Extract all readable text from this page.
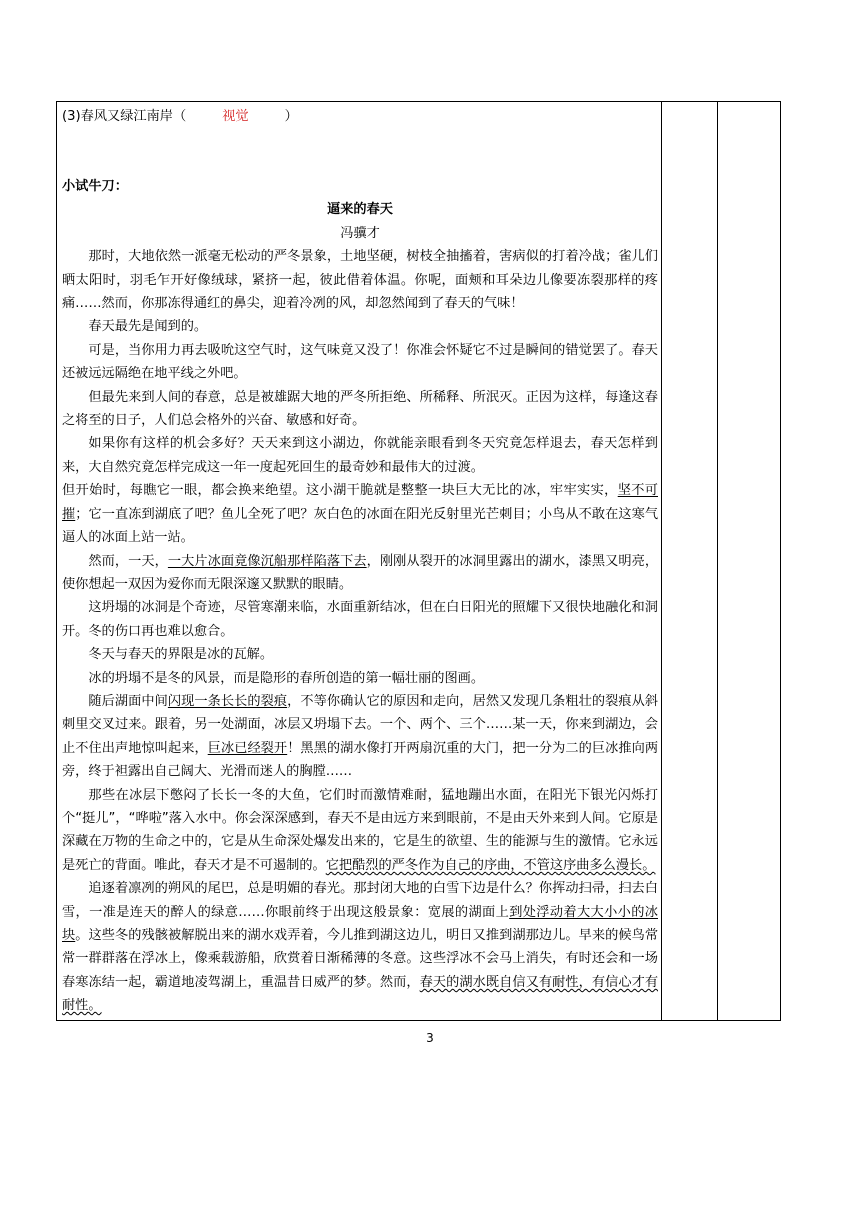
(3)春风又绿江南岸（	视觉	）
小试牛刀：
逼来的春天
冯骥才

那时，大地依然一派毫无松动的严冬景象，土地坚硬，树枝全抽搐着，害病似的打着冷战；雀儿们晒太阳时，羽毛乍开好像绒球，紧挤一起，彼此借着体温。你呢，面颊和耳朵边儿像要冻裂那样的疼痛……然而，你那冻得通红的鼻尖，迎着冷冽的风，却忽然闻到了春天的气味！

春天最先是闻到的。

可是，当你用力再去吸吮这空气时，这气味竟又没了！你准会怀疑它不过是瞬间的错觉罢了。春天还被远远隔绝在地平线之外吧。

但最先来到人间的春意，总是被雄踞大地的严冬所拒绝、所稀释、所泯灭。正因为这样，每逢这春之将至的日子，人们总会格外的兴奋、敏感和好奇。

如果你有这样的机会多好？天天来到这小湖边，你就能亲眼看到冬天究竟怎样退去，春天怎样到来，大自然究竟怎样完成这一年一度起死回生的最奇妙和最伟大的过渡。

但开始时，每瞧它一眼，都会换来绝望。这小湖干脆就是整整一块巨大无比的冰，牢牢实实，坚不可摧；它一直冻到湖底了吧？鱼儿全死了吧？灰白色的冰面在阳光反射里光芒刺目；小鸟从不敢在这寒气逼人的冰面上站一站。

然而，一天，一大片冰面竟像沉船那样陷落下去，刚刚从裂开的冰洞里露出的湖水，漆黑又明亮，使你想起一双因为爱你而无限深邃又默默的眼睛。

这坍塌的冰洞是个奇迹，尽管寒潮来临，水面重新结冰，但在白日阳光的照耀下又很快地融化和洞开。冬的伤口再也难以愈合。

冬天与春天的界限是冰的瓦解。

冰的坍塌不是冬的风景，而是隐形的春所创造的第一幅壮丽的图画。

随后湖面中间闪现一条长长的裂痕，不等你确认它的原因和走向，居然又发现几条粗壮的裂痕从斜刺里交叉过来。跟着，另一处湖面，冰层又坍塌下去。一个、两个、三个……某一天，你来到湖边，会止不住出声地惊叫起来，巨冰已经裂开！黑黑的湖水像打开两扇沉重的大门，把一分为二的巨冰推向两旁，终于袒露出自己阔大、光滑而迷人的胸膛……

那些在冰层下憋闷了长长一冬的大鱼，它们时而激情难耐，猛地蹦出水面，在阳光下银光闪烁打个“挺儿”，“哗啦”落入水中。你会深深感到，春天不是由远方来到眼前，不是由天外来到人间。它原是深藏在万物的生命之中的，它是从生命深处爆发出来的，它是生的欲望、生的能源与生的激情。它永远是死亡的背面。唯此，春天才是不可遏制的。它把酷烈的严冬作为自己的序曲，不管这序曲多么漫长。

追逐着凛冽的朔风的尾巴，总是明媚的春光。那封闭大地的白雪下边是什么？你挥动扫帚，扫去白雪，一准是连天的醉人的绿意……你眼前终于出现这般景象：宽展的湖面上到处浮动着大大小小的冰块。这些冬的残骸被解脱出来的湖水戏弄着，今儿推到湖这边儿，明日又推到湖那边儿。早来的候鸟常常一群群落在浮冰上，像乘载游船，欣赏着日渐稀薄的冬意。这些浮冰不会马上消失，有时还会和一场春寒冻结一起，霸道地凌驾湖上，重温昔日威严的梦。然而，春天的湖水既自信又有耐性，有信心才有耐性。

3
